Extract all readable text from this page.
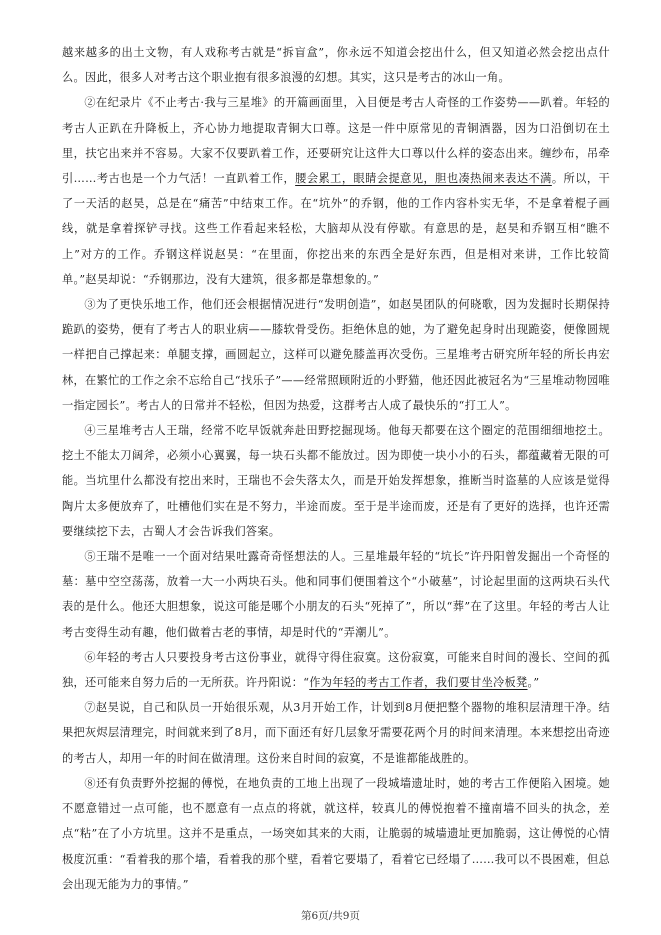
越来越多的出土文物，有人戏称考古就是“拆盲盒”，你永远不知道会挖出什么，但又知道必然会挖出点什么。因此，很多人对考古这个职业抱有很多浪漫的幻想。其实，这只是考古的冰山一角。

②在纪录片《不止考古·我与三星堆》的开篇画面里，入目便是考古人奇怪的工作姿势——趴着。年轻的考古人正趴在升降板上，齐心协力地提取青铜大口尊。这是一件中原常见的青铜酒器，因为口沿倒切在土里，扶它出来并不容易。大家不仅要趴着工作，还要研究让这件大口尊以什么样的姿态出来。缠纱布，吊牵引……考古也是一个力气活！一直趴着工作，腰会累工，眼睛会提意见，胆也凑热闹来表达不满。所以，干了一天活的赵昊，总是在“痛苦”中结束工作。在“坑外”的乔钢，他的工作内容朴实无华，不是拿着棍子画线，就是拿着探铲寻找。这些工作看起来轻松，大脑却从没有停歇。有意思的是，赵昊和乔钢互相“瞧不上”对方的工作。乔钢这样说赵昊：“在里面，你挖出来的东西全是好东西，但是相对来讲，工作比较简单。”赵昊却说：“乔钢那边，没有大建筑，很多都是靠想象的。”

③为了更快乐地工作，他们还会根据情况进行“发明创造”，如赵昊团队的何晓歌，因为发掘时长期保持跪趴的姿势，便有了考古人的职业病——膝软骨受伤。拒绝休息的她，为了避免起身时出现跪姿，便像圆规一样把自己撑起来：单腿支撑，画圆起立，这样可以避免膝盖再次受伤。三星堆考古研究所年轻的所长冉宏林，在繁忙的工作之余不忘给自己“找乐子”——经常照顾附近的小野猫，他还因此被冠名为“三星堆动物园唯一指定园长”。考古人的日常并不轻松，但因为热爱，这群考古人成了最快乐的“打工人”。

④三星堆考古人王瑞，经常不吃早饭就奔赴田野挖掘现场。他每天都要在这个圈定的范围细细地挖土。挖土不能太刀阔斧，必须小心翼翼，每一块石头都不能放过。因为即使一块小小的石头，都蕴藏着无限的可能。当坑里什么都没有挖出来时，王瑞也不会失落太久，而是开始发挥想象，推断当时盗墓的人应该是觉得陶片太多便放弃了，吐槽他们实在是不努力，半途而废。至于是半途而废，还是有了更好的选择，也许还需要继续挖下去，古蜀人才会告诉我们答案。

⑤王瑞不是唯一一个面对结果吐露奇奇怪想法的人。三星堆最年轻的“坑长”许丹阳曾发掘出一个奇怪的墓：墓中空空荡荡，放着一大一小两块石头。他和同事们便围着这个“小破墓”，讨论起里面的这两块石头代表的是什么。他还大胆想象，说这可能是哪个小朋友的石头“死掉了”，所以“葬”在了这里。年轻的考古人让考古变得生动有趣，他们做着古老的事情，却是时代的“弄潮儿”。

⑥年轻的考古人只要投身考古这份事业，就得守得住寂寞。这份寂寞，可能来自时间的漫长、空间的孤独，还可能来自努力后的一无所获。许丹阳说：“作为年轻的考古工作者，我们要甘坐冷板凳。”

⑦赵昊说，自己和队员一开始很乐观，从3月开始工作，计划到8月便把整个器物的堆积层清理干净。结果把灰烬层清理完，时间就来到了8月，而下面还有好几层象牙需要花两个月的时间来清理。本来想挖出奇迹的考古人，却用一年的时间在做清理。这份来自时间的寂寞，不是谁都能战胜的。

⑧还有负责野外挖掘的傅悦，在地负责的工地上出现了一段城墙遗址时，她的考古工作便陷入困境。她不愿意错过一点可能，也不愿意有一点点的将就，就这样，较真儿的傅悦抱着不撞南墙不回头的执念，差点“粘”在了小方坑里。这并不是重点，一场突如其来的大雨，让脆弱的城墙遗址更加脆弱，这让傅悦的心情极度沉重：“看着我的那个墙，看着我的那个壁，看着它要塌了，看着它已经塌了……我可以不畏困难，但总会出现无能为力的事情。”

第6页/共9页
